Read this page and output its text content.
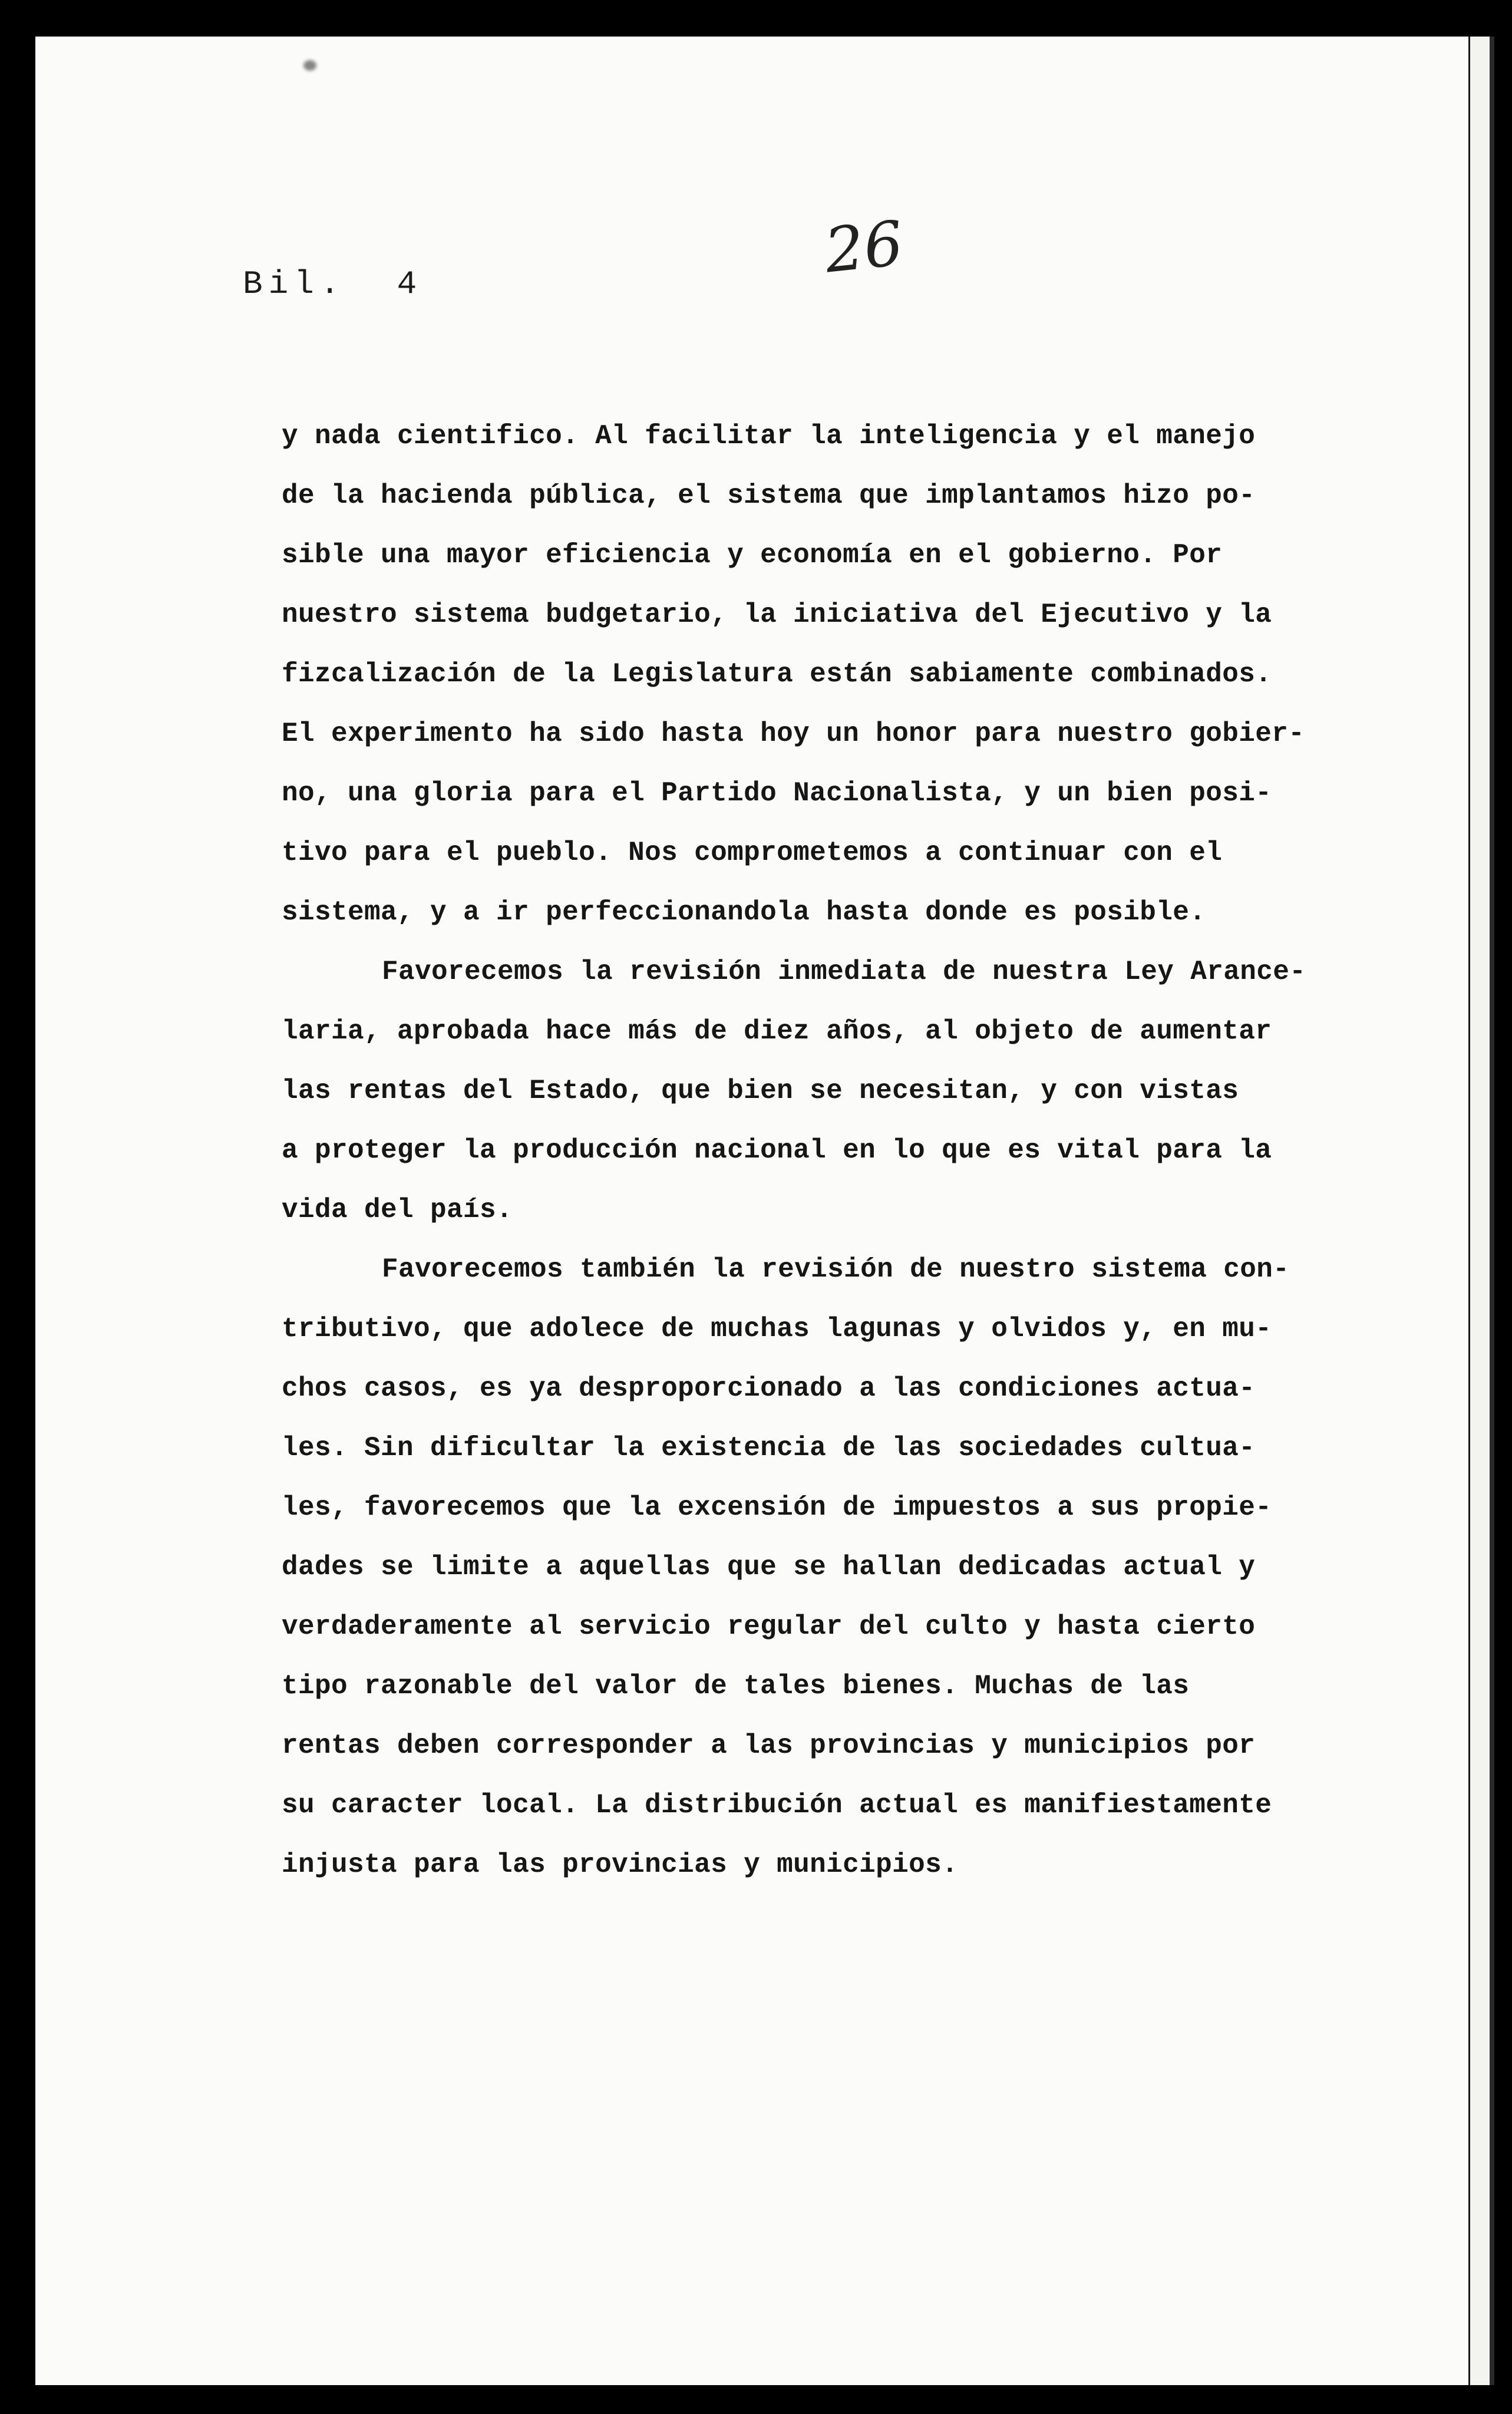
Bil.  4	26
y nada cientifico. Al facilitar la inteligencia y el manejo
de la hacienda pública, el sistema que implantamos hizo po-
sible una mayor eficiencia y economía en el gobierno. Por
nuestro sistema budgetario, la iniciativa del Ejecutivo y la
fizcalización de la Legislatura están sabiamente combinados.
El experimento ha sido hasta hoy un honor para nuestro gobier-
no, una gloria para el Partido Nacionalista, y un bien posi-
tivo para el pueblo. Nos comprometemos a continuar con el
sistema, y a ir perfeccionandola hasta donde es posible.
Favorecemos la revisión inmediata de nuestra Ley Arance-
laria, aprobada hace más de diez años, al objeto de aumentar
las rentas del Estado, que bien se necesitan, y con vistas
a proteger la producción nacional en lo que es vital para la
vida del país.
Favorecemos también la revisión de nuestro sistema con-
tributivo, que adolece de muchas lagunas y olvidos y, en mu-
chos casos, es ya desproporcionado a las condiciones actua-
les. Sin dificultar la existencia de las sociedades cultua-
les, favorecemos que la excensión de impuestos a sus propie-
dades se limite a aquellas que se hallan dedicadas actual y
verdaderamente al servicio regular del culto y hasta cierto
tipo razonable del valor de tales bienes. Muchas de las
rentas deben corresponder a las provincias y municipios por
su caracter local. La distribución actual es manifiestamente
injusta para las provincias y municipios.
